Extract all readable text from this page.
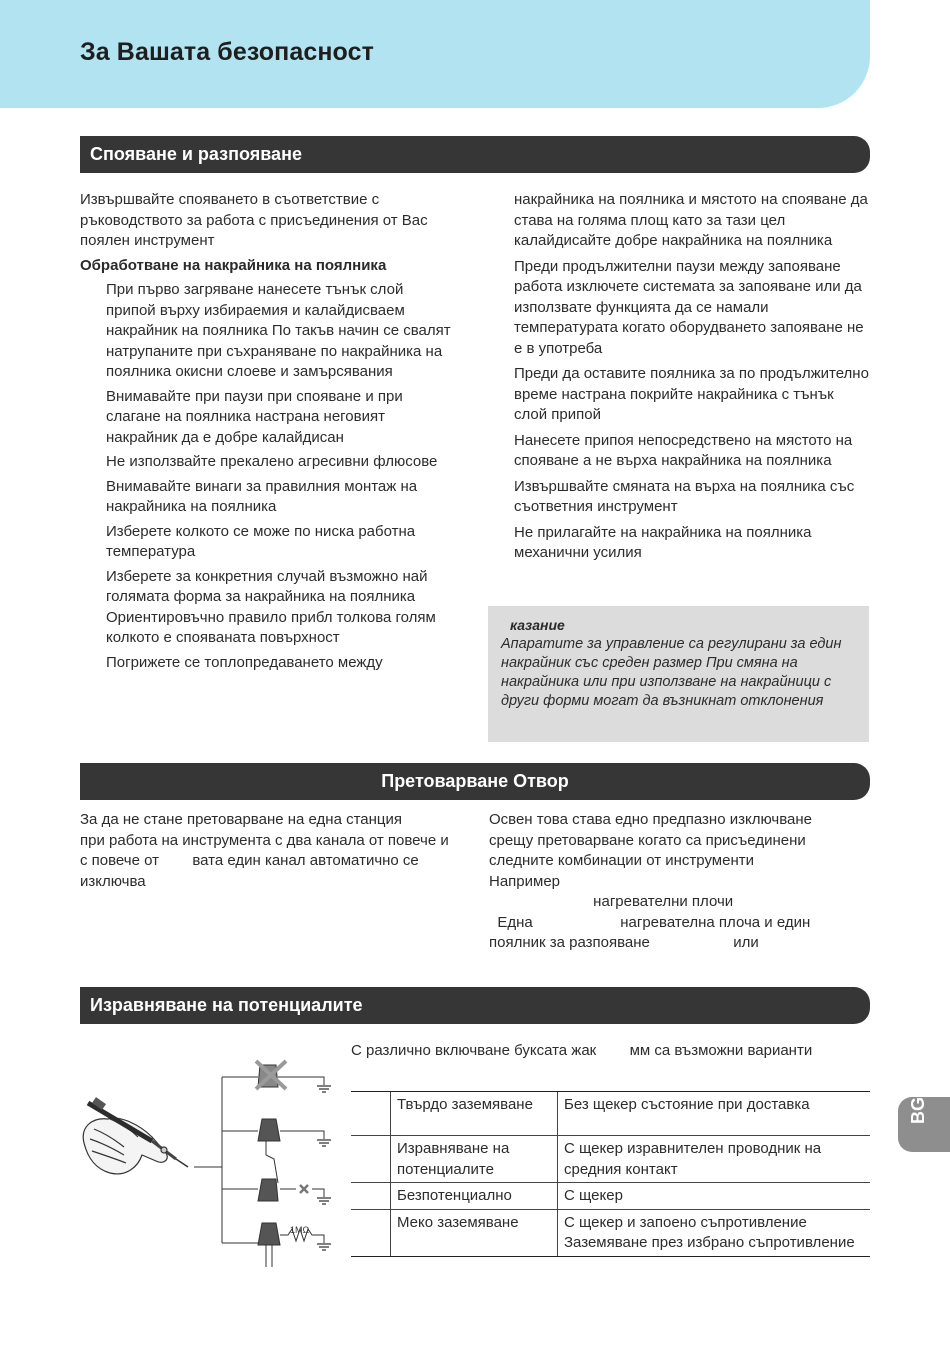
За Вашата безопасност
Спояване и разпояване

Извършвайте спояването в съответствие с ръководството за работа с присъединения от Вас поялен инструмент

Обработване на накрайника на поялника

При първо загряване нанесете тънък слой припой върху избираемия и калайдисваем накрайник на поялника По такъв начин се свалят натрупаните при съхраняване по накрайника на поялника окисни слоеве и замърсявания

Внимавайте при паузи при спояване и при слагане на поялника настрана неговият накрайник да е добре калайдисан

Не използвайте прекалено агресивни флюсове

Внимавайте винаги за правилния монтаж на накрайника на поялника

Изберете колкото се може по ниска работна температура

Изберете за конкретния случай възможно най голямата форма за накрайника на поялника

Ориентировъчно правило прибл толкова голям колкото е спояваната повърхност

Погрижете се топлопредаването между

накрайника на поялника и мястото на спояване да става на голяма площ като за тази цел калайдисайте добре накрайника на поялника

Преди продължителни паузи между запояване работа изключете системата за запояване или да използвате функцията да се намали температурата когато оборудването запояване не е в употреба

Преди да оставите поялника за по продължително време настрана покрийте накрайника с тънък слой припой

Нанесете припоя непосредствено на мястото на спояване а не върха накрайника на поялника

Извършвайте смяната на върха на поялника със съответния инструмент

Не прилагайте на накрайника на поялника механични усилия

казание
Апаратите за управление са регулирани за един накрайник със среден размер При смяна на накрайника или при използване на накрайници с други форми могат да възникнат отклонения
Претоварване Отвор

За да не стане претоварване на една станция        при работа на инструмента с два канала от повече и с повече от        вата един канал автоматично се изключва

Освен това става едно предпазно изключване

срещу претоварване когато са присъединени

следните комбинации от инструменти

Например

нагревателни плочи

Една                     нагревателна плоча и един

поялник за разпояване                    или

Изравняване на потенциалите

С различно включване буксата жак        мм са възможни варианти

1MΩ
	Твърдо заземяване	Без щекер състояние при доставка
	Изравняване на потенциалите	С щекер изравнителен проводник на средния контакт
	Безпотенциално	С щекер
	Меко заземяване	С щекер и запоено съпротивление Заземяване през избрано съпротивление
BG
